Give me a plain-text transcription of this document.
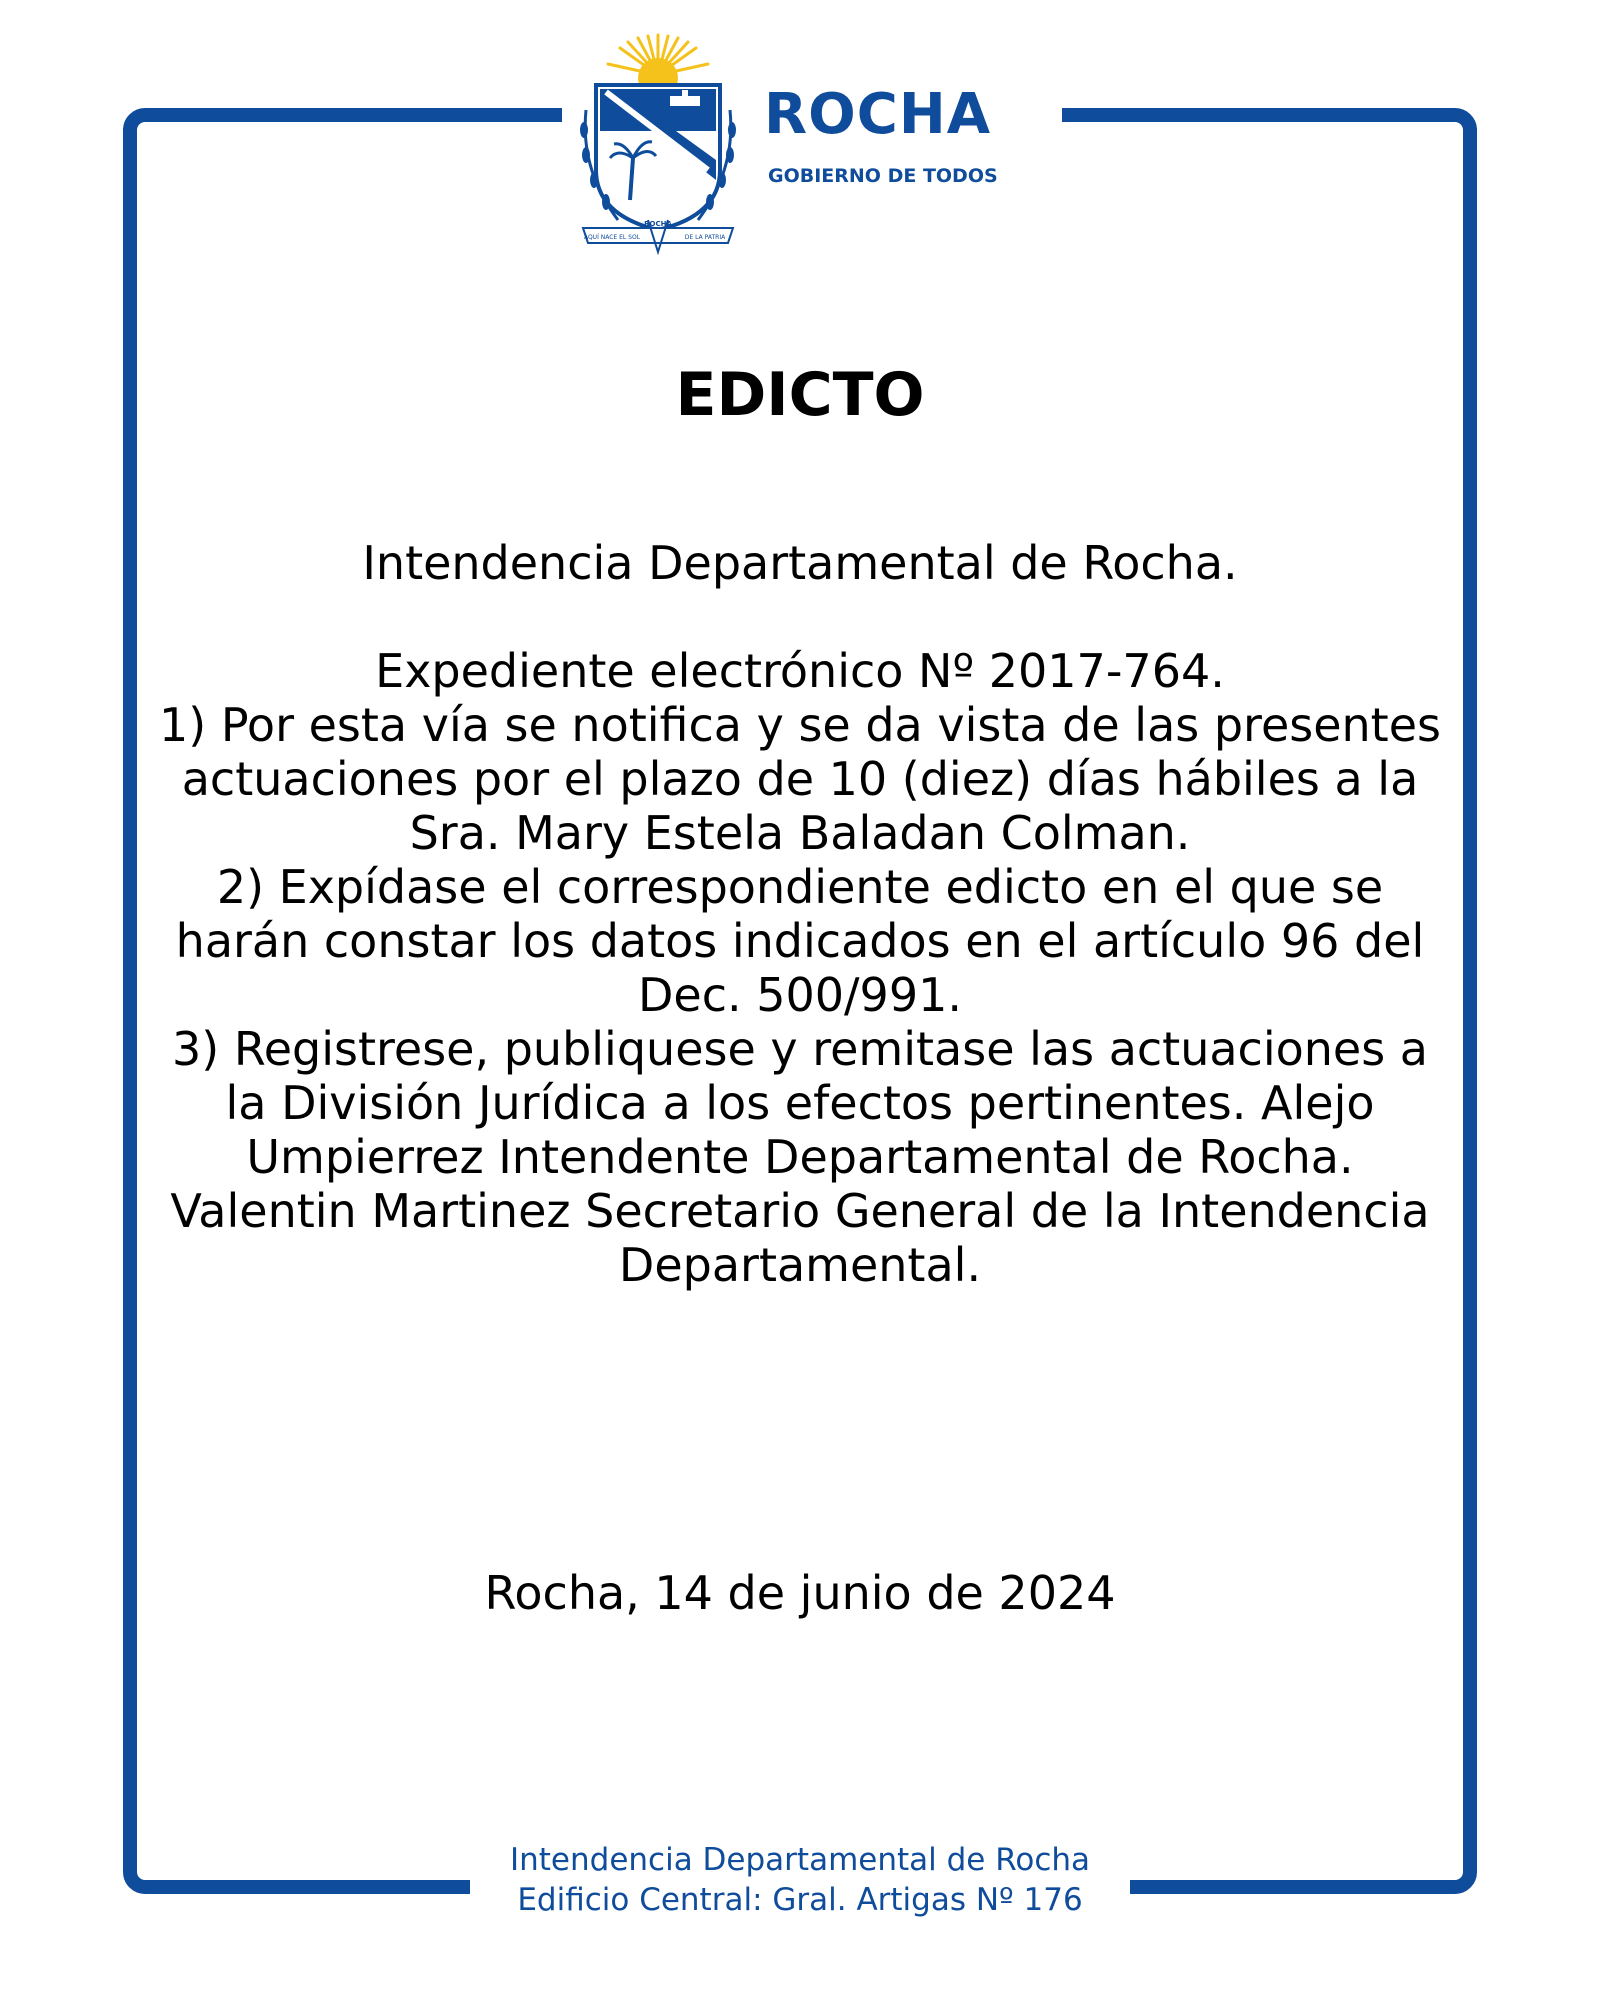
AQUÍ NACE EL SOL
ROCHA
DE LA PATRIA
ROCHA
GOBIERNO DE TODOS
EDICTO

Intendencia Departamental de Rocha.

Expediente electrónico Nº 2017-764.

1) Por esta vía se notifica y se da vista de las presentes actuaciones por el plazo de 10 (diez) días hábiles a la Sra. Mary Estela Baladan Colman.

2) Expídase el correspondiente edicto en el que se harán constar los datos indicados en el artículo 96 del Dec. 500/991.

3) Registrese, publiquese y remitase las actuaciones a la División Jurídica a los efectos pertinentes. Alejo Umpierrez Intendente Departamental de Rocha. Valentin Martinez Secretario General de la Intendencia Departamental.

Rocha, 14 de junio de 2024

Intendencia Departamental de Rocha
Edificio Central: Gral. Artigas Nº 176
